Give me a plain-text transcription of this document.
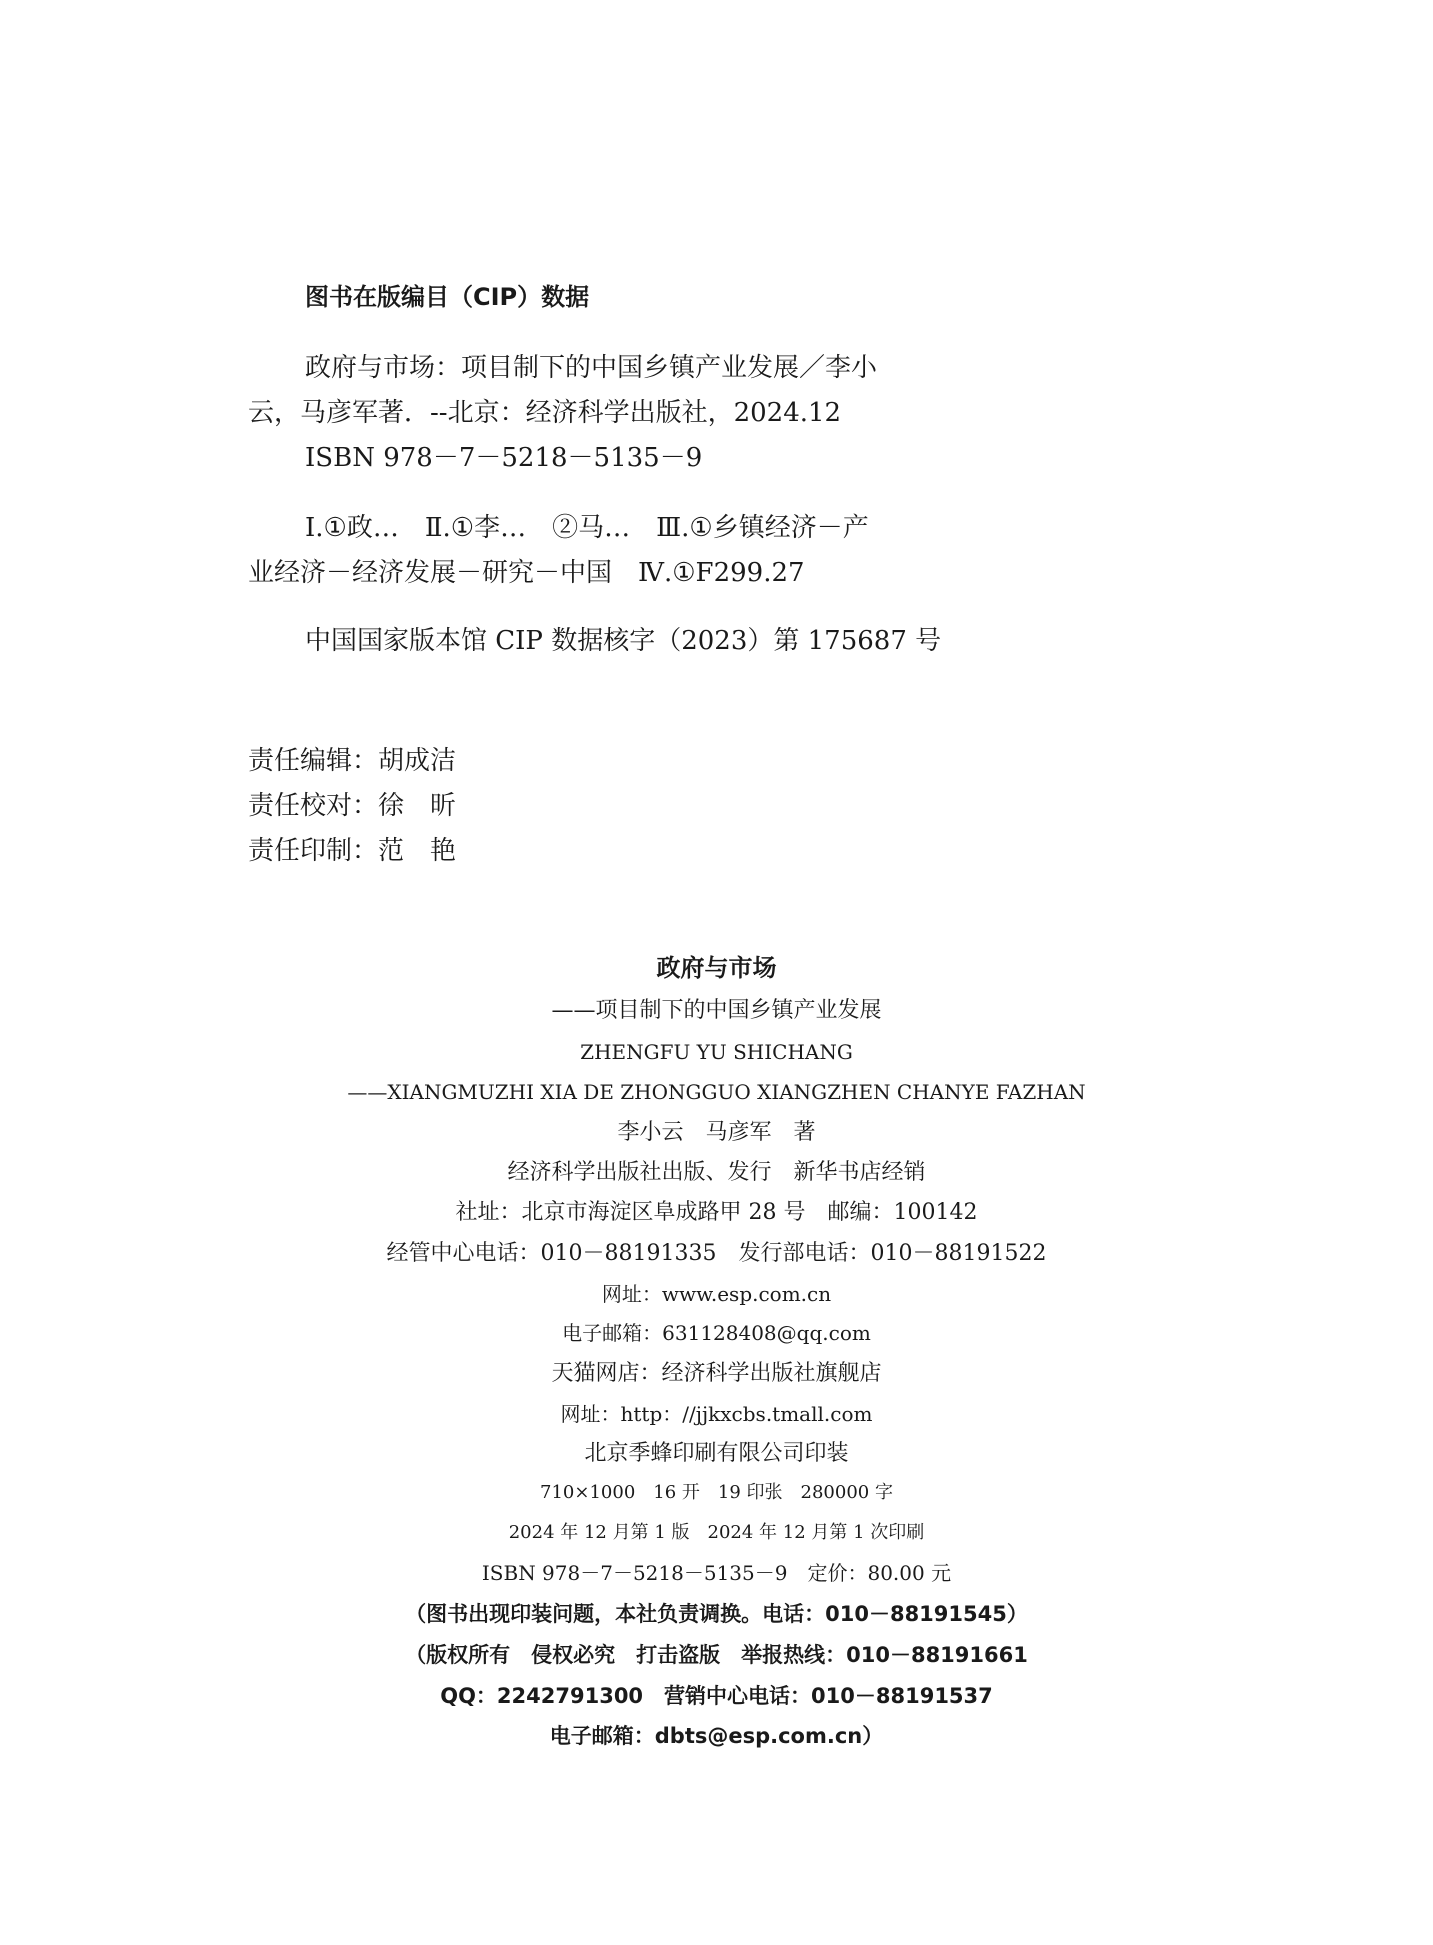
图书在版编目（CIP）数据
政府与市场：项目制下的中国乡镇产业发展／李小
云，马彦军著．--北京：经济科学出版社，2024.12
ISBN 978－7－5218－5135－9
Ⅰ.①政…　Ⅱ.①李…　②马…　Ⅲ.①乡镇经济－产
业经济－经济发展－研究－中国　Ⅳ.①F299.27
中国国家版本馆 CIP 数据核字（2023）第 175687 号
责任编辑：胡成洁
责任校对：徐　昕
责任印制：范　艳
政府与市场
——项目制下的中国乡镇产业发展
ZHENGFU YU SHICHANG
——XIANGMUZHI XIA DE ZHONGGUO XIANGZHEN CHANYE FAZHAN
李小云　马彦军　著
经济科学出版社出版、发行　新华书店经销
社址：北京市海淀区阜成路甲 28 号　邮编：100142
经管中心电话：010－88191335　发行部电话：010－88191522
网址：www.esp.com.cn
电子邮箱：631128408@qq.com
天猫网店：经济科学出版社旗舰店
网址：http：//jjkxcbs.tmall.com
北京季蜂印刷有限公司印装
710×1000　16 开　19 印张　280000 字
2024 年 12 月第 1 版　2024 年 12 月第 1 次印刷
ISBN 978－7－5218－5135－9　定价：80.00 元
（图书出现印装问题，本社负责调换。电话：010－88191545）
（版权所有　侵权必究　打击盗版　举报热线：010－88191661
QQ：2242791300　营销中心电话：010－88191537
电子邮箱：dbts@esp.com.cn）
